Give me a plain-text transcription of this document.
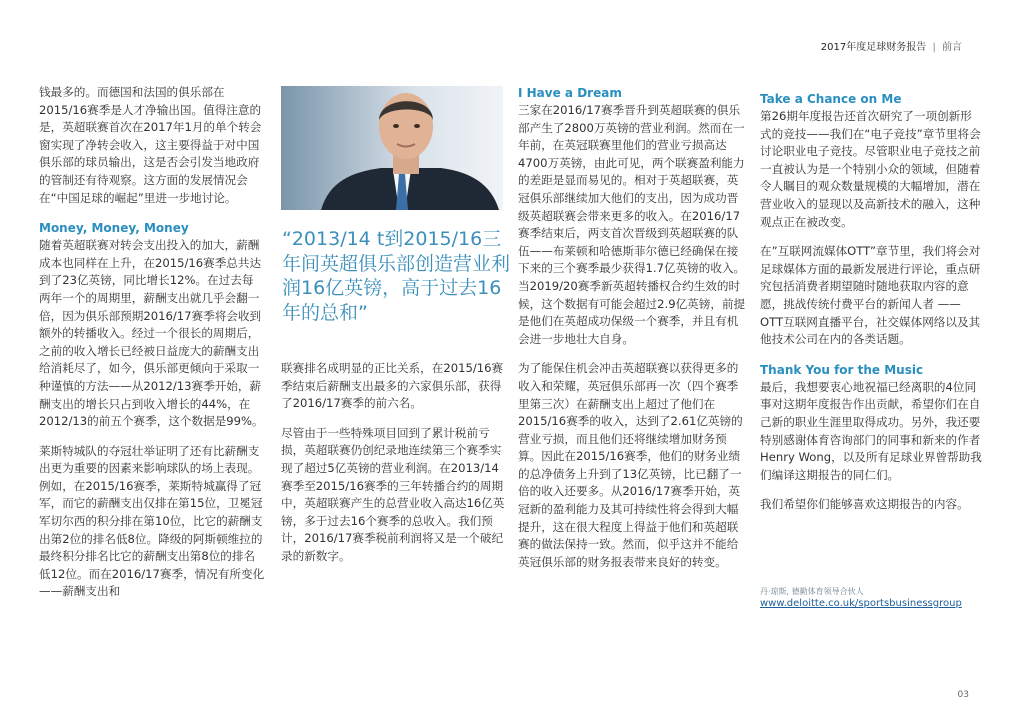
2017年度足球财务报告 | 前言

钱最多的。而德国和法国的俱乐部在2015/16赛季是人才净输出国。值得注意的是，英超联赛首次在2017年1月的单个转会窗实现了净转会收入，这主要得益于对中国俱乐部的球员输出，这是否会引发当地政府的管制还有待观察。这方面的发展情况会在“中国足球的崛起”里进一步地讨论。

Money, Money, Money

随着英超联赛对转会支出投入的加大，薪酬成本也同样在上升，在2015/16赛季总共达到了23亿英镑，同比增长12%。在过去每两年一个的周期里，薪酬支出就几乎会翻一倍，因为俱乐部预期2016/17赛季将会收到额外的转播收入。经过一个很长的周期后，之前的收入增长已经被日益庞大的薪酬支出给消耗尽了，如今，俱乐部更倾向于采取一种谨慎的方法——从2012/13赛季开始，薪酬支出的增长只占到收入增长的44%，在2012/13的前五个赛季，这个数据是99%。

莱斯特城队的夺冠壮举证明了还有比薪酬支出更为重要的因素来影响球队的场上表现。例如，在2015/16赛季，莱斯特城赢得了冠军，而它的薪酬支出仅排在第15位，卫冕冠军切尔西的积分排在第10位，比它的薪酬支出第2位的排名低8位。降级的阿斯顿维拉的最终积分排名比它的薪酬支出第8位的排名低12位。而在2016/17赛季，情况有所变化——薪酬支出和

“2013/14 t到2015/16三年间英超俱乐部创造营业利润16亿英镑，高于过去16年的总和”

联赛排名成明显的正比关系，在2015/16赛季结束后薪酬支出最多的六家俱乐部，获得了2016/17赛季的前六名。

尽管由于一些特殊项目回到了累计税前亏损，英超联赛仍创纪录地连续第三个赛季实现了超过5亿英镑的营业利润。在2013/14赛季至2015/16赛季的三年转播合约的周期中，英超联赛产生的总营业收入高达16亿英镑，多于过去16个赛季的总收入。我们预计，2016/17赛季税前利润将又是一个破纪录的新数字。

I Have a Dream

三家在2016/17赛季晋升到英超联赛的俱乐部产生了2800万英镑的营业利润。然而在一年前，在英冠联赛里他们的营业亏损高达4700万英镑，由此可见，两个联赛盈利能力的差距是显而易见的。相对于英超联赛，英冠俱乐部继续加大他们的支出，因为成功晋级英超联赛会带来更多的收入。在2016/17赛季结束后，两支首次晋级到英超联赛的队伍——布莱顿和哈德斯菲尔德已经确保在接下来的三个赛季最少获得1.7亿英镑的收入。当2019/20赛季新英超转播权合约生效的时候，这个数据有可能会超过2.9亿英镑，前提是他们在英超成功保级一个赛季，并且有机会进一步地壮大自身。

为了能保住机会冲击英超联赛以获得更多的收入和荣耀，英冠俱乐部再一次（四个赛季里第三次）在薪酬支出上超过了他们在2015/16赛季的收入，达到了2.61亿英镑的营业亏损，而且他们还将继续增加财务预算。因此在2015/16赛季，他们的财务业绩的总净债务上升到了13亿英镑，比已翻了一倍的收入还要多。从2016/17赛季开始，英冠新的盈利能力及其可持续性将会得到大幅提升，这在很大程度上得益于他们和英超联赛的做法保持一致。然而，似乎这并不能给英冠俱乐部的财务报表带来良好的转变。

Take a Chance on Me

第26期年度报告还首次研究了一项创新形式的竞技——我们在“电子竞技”章节里将会讨论职业电子竞技。尽管职业电子竞技之前一直被认为是一个特别小众的领域，但随着令人瞩目的观众数量规模的大幅增加，潜在营业收入的显现以及高新技术的融入，这种观点正在被改变。

在”互联网流媒体OTT”章节里，我们将会对足球媒体方面的最新发展进行评论，重点研究包括消费者期望随时随地获取内容的意愿，挑战传统付费平台的新闻人者 ——OTT互联网直播平台，社交媒体网络以及其他技术公司在内的各类话题。

Thank You for the Music

最后，我想要衷心地祝福已经离职的4位同事对这期年度报告作出贡献，希望你们在自己新的职业生涯里取得成功。另外，我还要特别感谢体育咨询部门的同事和新来的作者Henry Wong，以及所有足球业界曾帮助我们编译这期报告的同仁们。

我们希望你们能够喜欢这期报告的内容。

丹·琼斯, 德勤体育领导合伙人
www.deloitte.co.uk/sportsbusinessgroup
03
